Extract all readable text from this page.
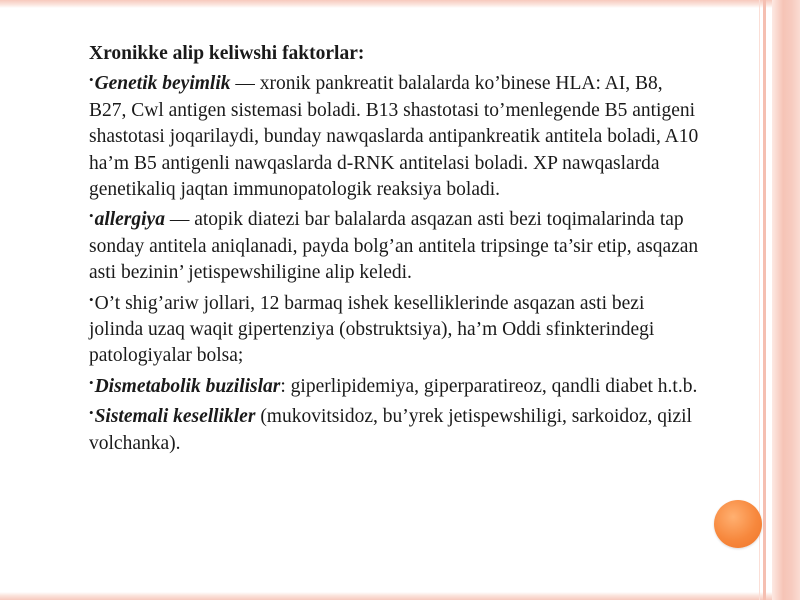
Xronikke alip keliwshi faktorlar:

•Genetik beyimlik — xronik pankreatit balalarda ko’binese HLA: AI, B8, B27, Cwl antigen sistemasi boladi. B13 shastotasi to’menlegende B5 antigeni shastotasi joqarilaydi, bunday nawqaslarda antipankreatik antitela boladi, A10 ha’m B5 antigenli nawqaslarda d-RNK antitelasi boladi. XP nawqaslarda genetikaliq jaqtan immunopatologik reaksiya boladi.

•allergiya — atopik diatezi bar balalarda asqazan asti bezi toqimalarinda tap sonday antitela aniqlanadi, payda bolg’an antitela tripsinge ta’sir etip, asqazan asti bezinin’ jetispewshiligine alip keledi.

•O’t shig’ariw jollari, 12 barmaq ishek keselliklerinde asqazan asti bezi jolinda uzaq waqit gipertenziya (obstruktsiya), ha’m Oddi sfinkterindegi patologiyalar bolsa;

•Dismetabolik buzilislar: giperlipidemiya, giperparatireoz, qandli diabet h.t.b.

•Sistemali kesellikler (mukovitsidoz, bu’yrek jetispewshiligi, sarkoidoz, qizil volchanka).
